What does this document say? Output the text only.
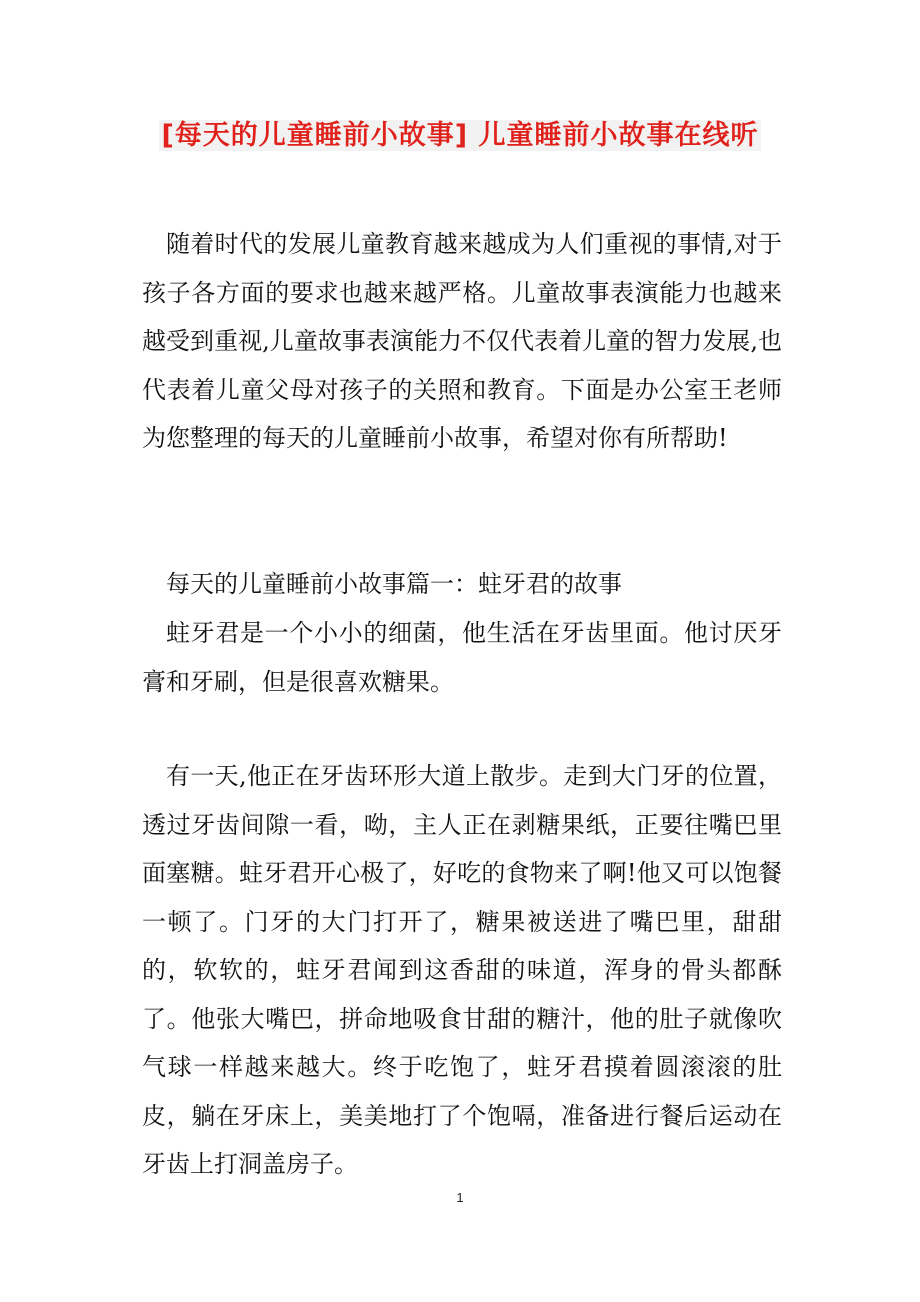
[每天的儿童睡前小故事] 儿童睡前小故事在线听

随着时代的发展儿童教育越来越成为人们重视的事情,对于孩子各方面的要求也越来越严格。儿童故事表演能力也越来越受到重视,儿童故事表演能力不仅代表着儿童的智力发展,也代表着儿童父母对孩子的关照和教育。下面是办公室王老师为您整理的每天的儿童睡前小故事，希望对你有所帮助!

每天的儿童睡前小故事篇一：蛀牙君的故事

蛀牙君是一个小小的细菌，他生活在牙齿里面。他讨厌牙膏和牙刷，但是很喜欢糖果。

有一天,他正在牙齿环形大道上散步。走到大门牙的位置，透过牙齿间隙一看，呦，主人正在剥糖果纸，正要往嘴巴里面塞糖。蛀牙君开心极了，好吃的食物来了啊!他又可以饱餐一顿了。门牙的大门打开了，糖果被送进了嘴巴里，甜甜的，软软的，蛀牙君闻到这香甜的味道，浑身的骨头都酥了。他张大嘴巴，拼命地吸食甘甜的糖汁，他的肚子就像吹气球一样越来越大。终于吃饱了，蛀牙君摸着圆滚滚的肚皮，躺在牙床上，美美地打了个饱嗝，准备进行餐后运动在牙齿上打洞盖房子。

1
